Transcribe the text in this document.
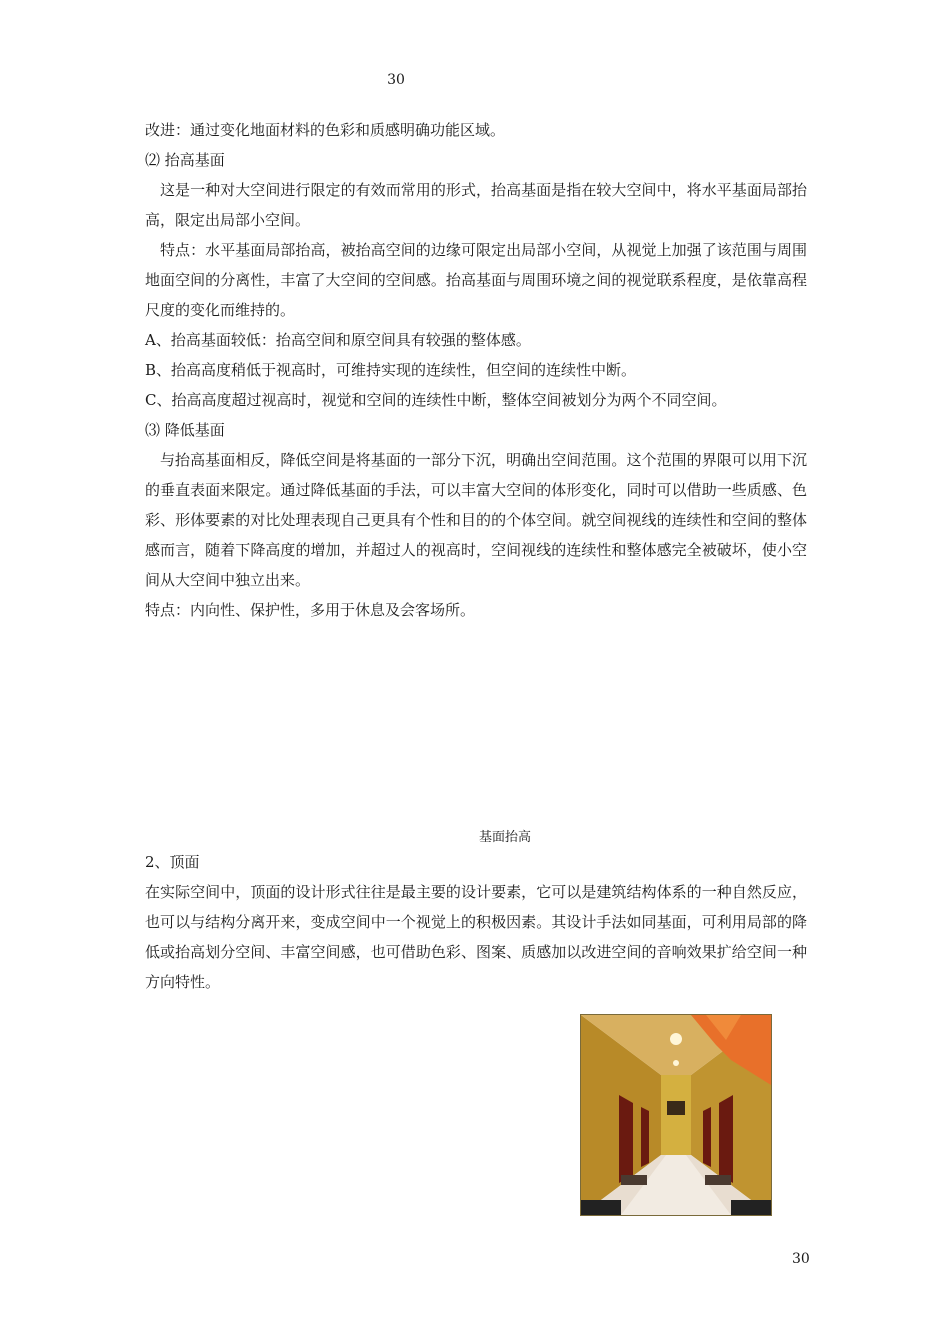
30

改进：通过变化地面材料的色彩和质感明确功能区域。

⑵ 抬高基面

这是一种对大空间进行限定的有效而常用的形式，抬高基面是指在较大空间中，将水平基面局部抬高，限定出局部小空间。

特点：水平基面局部抬高，被抬高空间的边缘可限定出局部小空间，从视觉上加强了该范围与周围地面空间的分离性，丰富了大空间的空间感。抬高基面与周围环境之间的视觉联系程度，是依靠高程尺度的变化而维持的。

A、抬高基面较低：抬高空间和原空间具有较强的整体感。

B、抬高高度稍低于视高时，可维持实现的连续性，但空间的连续性中断。

C、抬高高度超过视高时，视觉和空间的连续性中断，整体空间被划分为两个不同空间。

⑶ 降低基面

与抬高基面相反，降低空间是将基面的一部分下沉，明确出空间范围。这个范围的界限可以用下沉的垂直表面来限定。通过降低基面的手法，可以丰富大空间的体形变化，同时可以借助一些质感、色彩、形体要素的对比处理表现自己更具有个性和目的的个体空间。就空间视线的连续性和空间的整体感而言，随着下降高度的增加，并超过人的视高时，空间视线的连续性和整体感完全被破坏，使小空间从大空间中独立出来。

特点：内向性、保护性，多用于休息及会客场所。

基面抬高

2、顶面

在实际空间中，顶面的设计形式往往是最主要的设计要素，它可以是建筑结构体系的一种自然反应，也可以与结构分离开来，变成空间中一个视觉上的积极因素。其设计手法如同基面，可利用局部的降低或抬高划分空间、丰富空间感，也可借助色彩、图案、质感加以改进空间的音响效果扩给空间一种方向特性。

30
